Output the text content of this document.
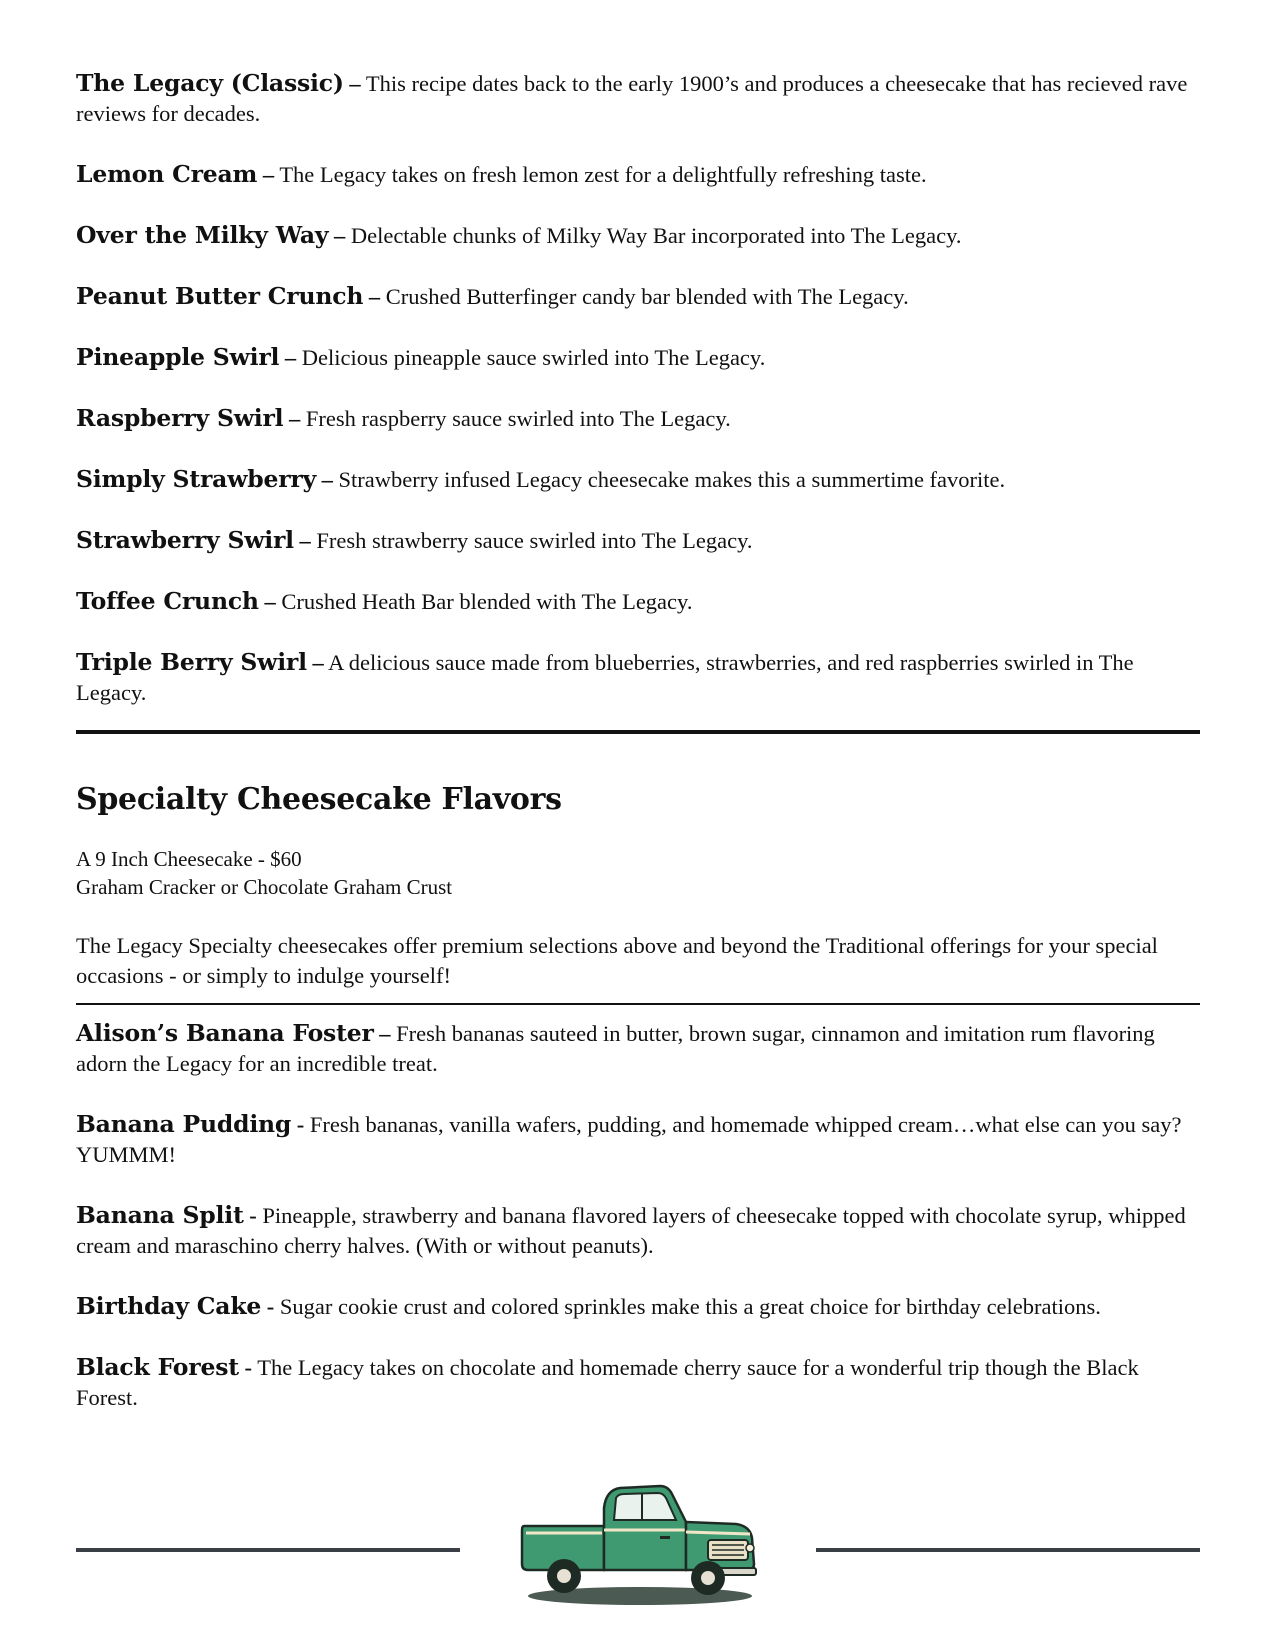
The Legacy (Classic) – This recipe dates back to the early 1900’s and produces a cheesecake that has recieved rave reviews for decades.

Lemon Cream – The Legacy takes on fresh lemon zest for a delightfully refreshing taste.

Over the Milky Way – Delectable chunks of Milky Way Bar incorporated into The Legacy.

Peanut Butter Crunch – Crushed Butterfinger candy bar blended with The Legacy.

Pineapple Swirl – Delicious pineapple sauce swirled into The Legacy.

Raspberry Swirl – Fresh raspberry sauce swirled into The Legacy.

Simply Strawberry – Strawberry infused Legacy cheesecake makes this a summertime favorite.

Strawberry Swirl – Fresh strawberry sauce swirled into The Legacy.

Toffee Crunch – Crushed Heath Bar blended with The Legacy.

Triple Berry Swirl – A delicious sauce made from blueberries, strawberries, and red raspberries swirled in The Legacy.

Specialty Cheesecake Flavors
A 9 Inch Cheesecake - $60
Graham Cracker or Chocolate Graham Crust

The Legacy Specialty cheesecakes offer premium selections above and beyond the Traditional offerings for your special occasions - or simply to indulge yourself!

Alison’s Banana Foster – Fresh bananas sauteed in butter, brown sugar, cinnamon and imitation rum flavoring adorn the Legacy for an incredible treat.

Banana Pudding - Fresh bananas, vanilla wafers, pudding, and homemade whipped cream…what else can you say? YUMMM!

Banana Split - Pineapple, strawberry and banana flavored layers of cheesecake topped with chocolate syrup, whipped cream and maraschino cherry halves. (With or without peanuts).

Birthday Cake - Sugar cookie crust and colored sprinkles make this a great choice for birthday celebrations.

Black Forest - The Legacy takes on chocolate and homemade cherry sauce for a wonderful trip though the Black Forest.
